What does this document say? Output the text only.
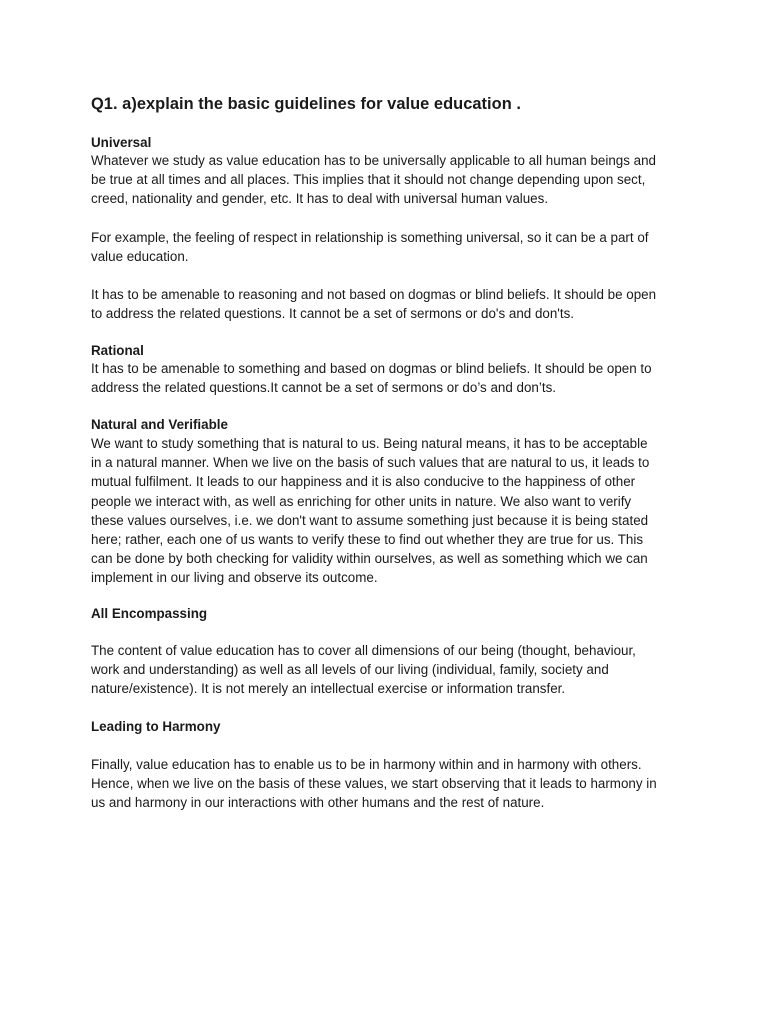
Q1. a)explain the basic guidelines for value education .
Universal
Whatever we study as value education has to be universally applicable to all human beings and
be true at all times and all places. This implies that it should not change depending upon sect,
creed, nationality and gender, etc. It has to deal with universal human values.
For example, the feeling of respect in relationship is something universal, so it can be a part of
value education.
It has to be amenable to reasoning and not based on dogmas or blind beliefs. It should be open
to address the related questions. It cannot be a set of sermons or do's and don'ts.
Rational
It has to be amenable to something and based on dogmas or blind beliefs. It should be open to
address the related questions.It cannot be a set of sermons or do’s and don’ts.
Natural and Verifiable
We want to study something that is natural to us. Being natural means, it has to be acceptable
in a natural manner. When we live on the basis of such values that are natural to us, it leads to
mutual fulfilment. It leads to our happiness and it is also conducive to the happiness of other
people we interact with, as well as enriching for other units in nature. We also want to verify
these values ourselves, i.e. we don't want to assume something just because it is being stated
here; rather, each one of us wants to verify these to find out whether they are true for us. This
can be done by both checking for validity within ourselves, as well as something which we can
implement in our living and observe its outcome.
All Encompassing
The content of value education has to cover all dimensions of our being (thought, behaviour,
work and understanding) as well as all levels of our living (individual, family, society and
nature/existence). It is not merely an intellectual exercise or information transfer.
Leading to Harmony
Finally, value education has to enable us to be in harmony within and in harmony with others.
Hence, when we live on the basis of these values, we start observing that it leads to harmony in
us and harmony in our interactions with other humans and the rest of nature.
